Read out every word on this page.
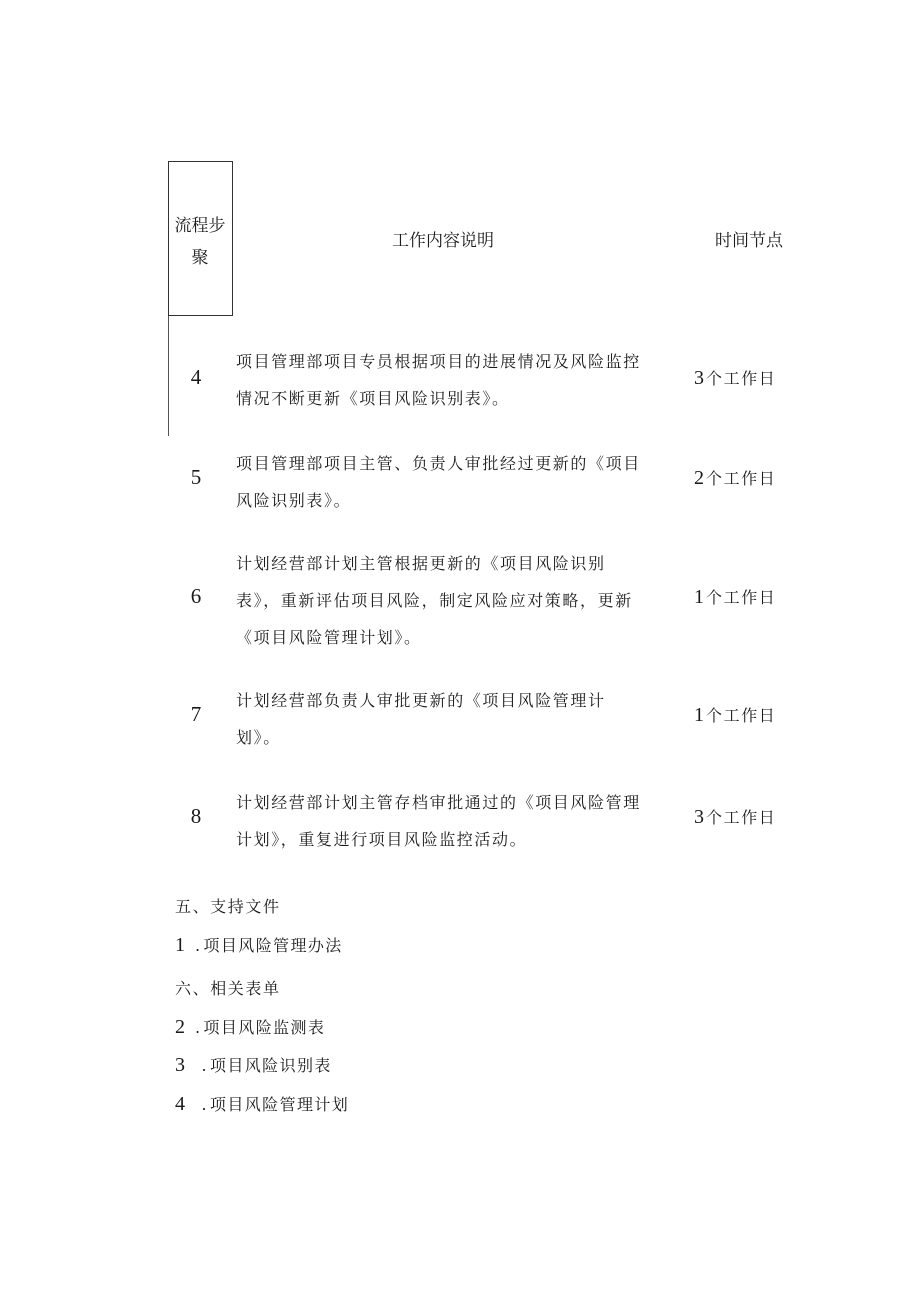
流程步
聚
工作内容说明	时间节点
4
项目管理部项目专员根据项目的进展情况及风险监控
情况不断更新《项目风险识别表》。
3 个工作日
5
项目管理部项目主管、负责人审批经过更新的《项目
风险识别表》。
2 个工作日
6
计划经营部计划主管根据更新的《项目风险识别
表》，重新评估项目风险，制定风险应对策略，更新
《项目风险管理计划》。
1 个工作日
7
计划经营部负责人审批更新的《项目风险管理计
划》。
1 个工作日
8
计划经营部计划主管存档审批通过的《项目风险管理
计划》，重复进行项目风险监控活动。
3 个工作日
五、支持文件
1 . 项目风险管理办法
六、相关表单
2 . 项目风险监测表
3 . 项目风险识别表
4 . 项目风险管理计划
